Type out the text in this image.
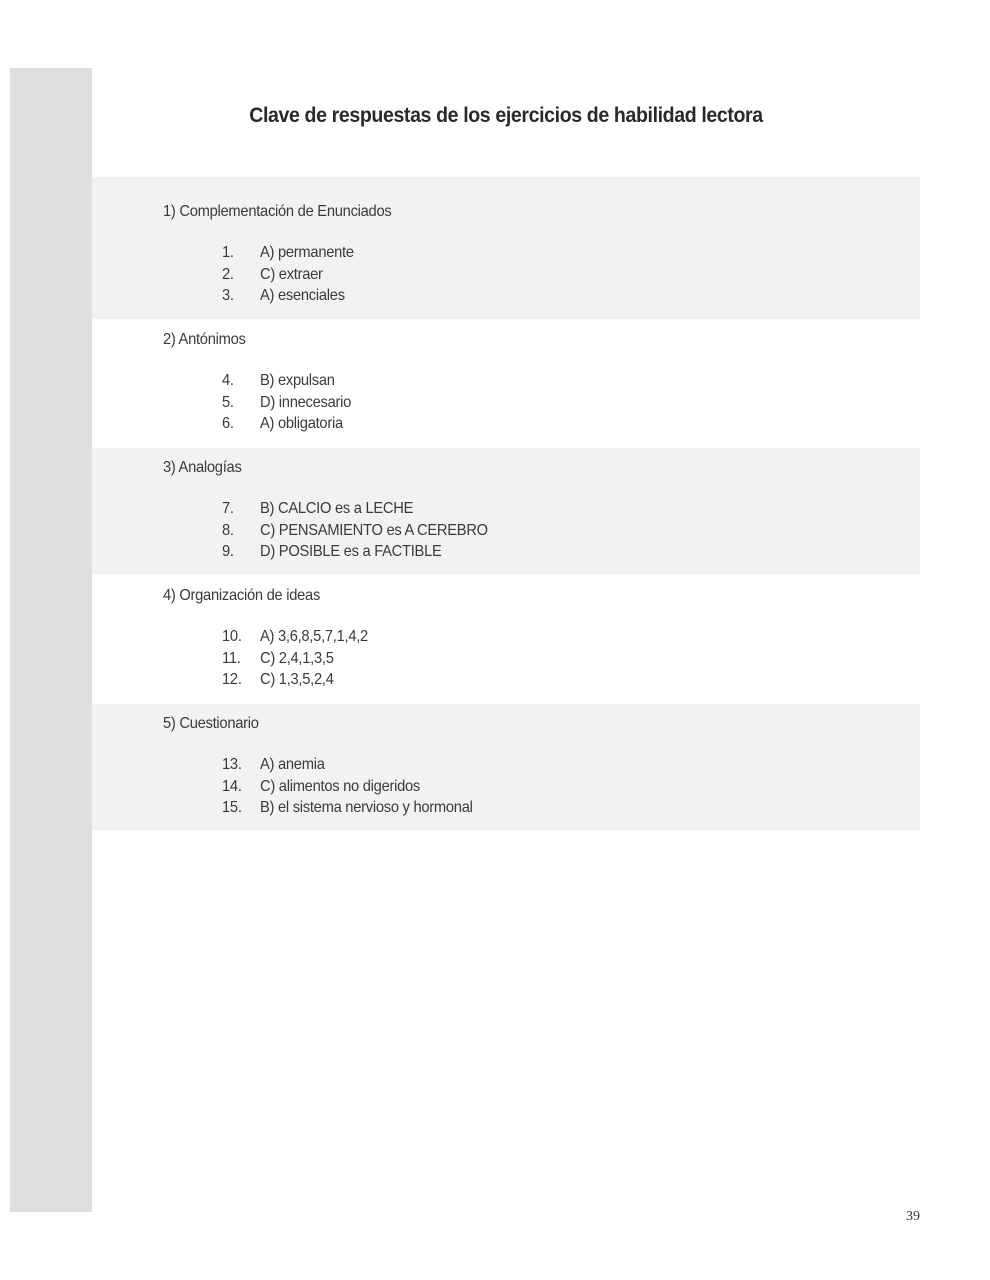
Clave de respuestas de los ejercicios de habilidad lectora
1) Complementación de Enunciados
1.	A) permanente
2.	C) extraer
3.	A) esenciales
2) Antónimos
4.	B) expulsan
5.	D) innecesario
6.	A) obligatoria
3) Analogías
7.	B) CALCIO es a LECHE
8.	C) PENSAMIENTO es A CEREBRO
9.	D) POSIBLE es a FACTIBLE
4) Organización de ideas
10.	A) 3,6,8,5,7,1,4,2
11.	C) 2,4,1,3,5
12.	C) 1,3,5,2,4
5) Cuestionario
13.	A) anemia
14.	C) alimentos no digeridos
15.	B) el sistema nervioso y hormonal
39
